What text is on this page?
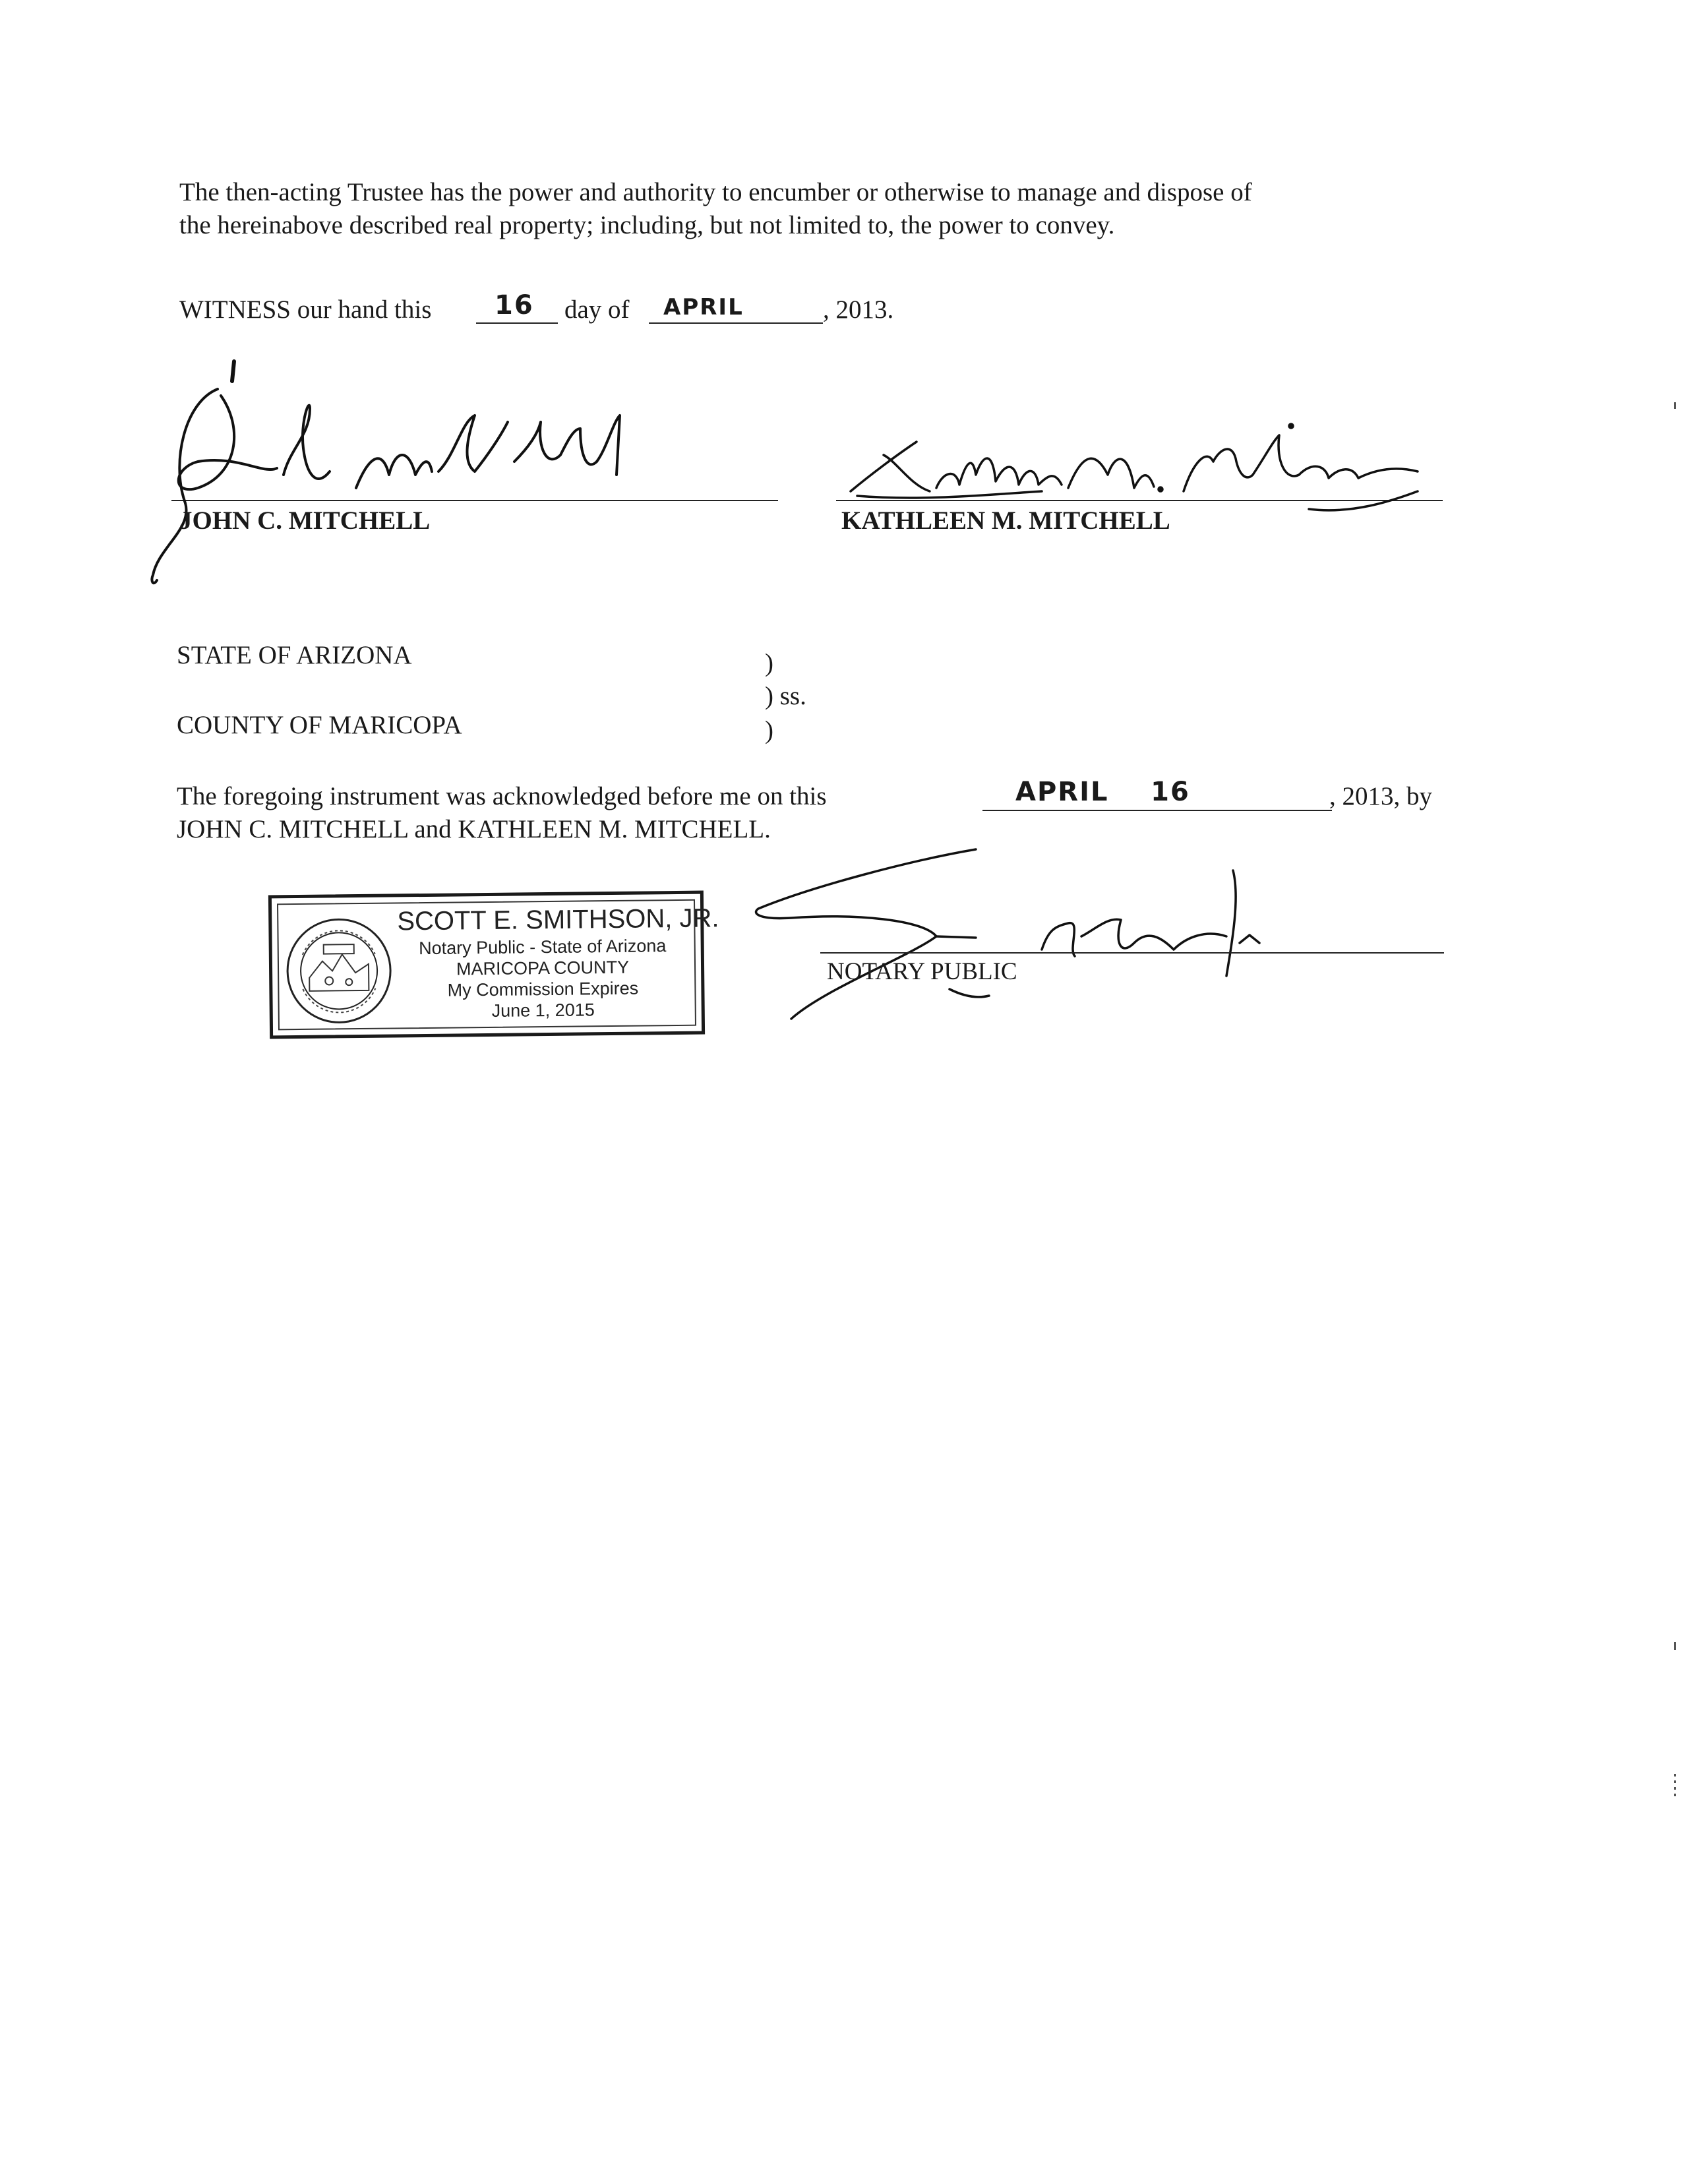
The then-acting Trustee has the power and authority to encumber or otherwise to manage and dispose of
the hereinabove described real property; including, but not limited to, the power to convey.
WITNESS our hand this 16 day of APRIL	, 2013.
JOHN C. MITCHELL	KATHLEEN M. MITCHELL
STATE OF ARIZONA
COUNTY OF MARICOPA
)
) ss.
)
The foregoing instrument was acknowledged before me on this	APRIL    16	, 2013, by
JOHN C. MITCHELL and KATHLEEN M. MITCHELL.
SCOTT E. SMITHSON, JR.
Notary Public - State of Arizona
MARICOPA COUNTY
My Commission Expires
June 1, 2015
NOTARY PUBLIC
